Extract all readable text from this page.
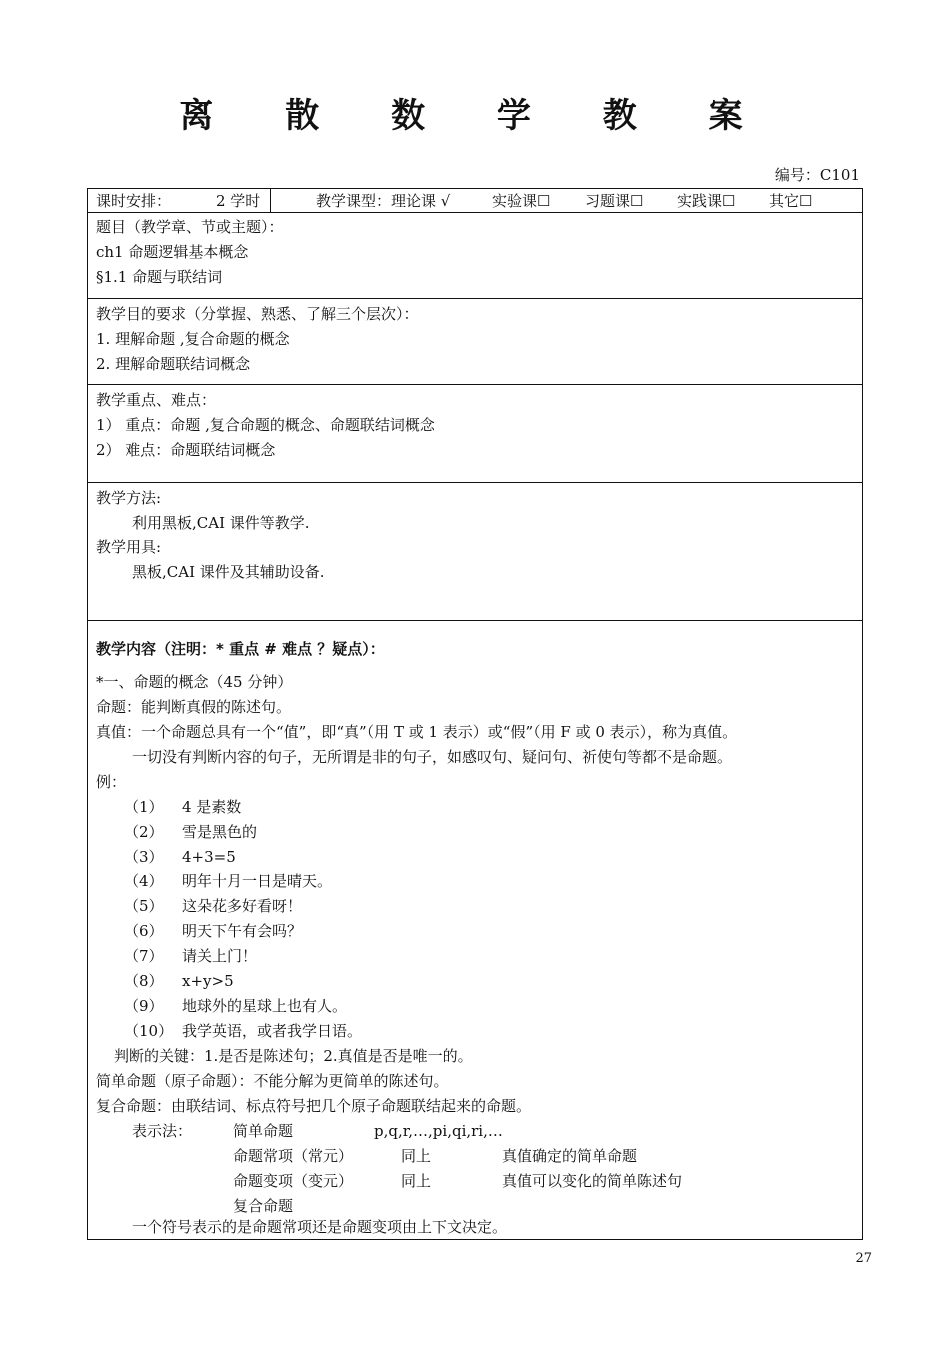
离 散 数 学 教 案
编号：C101
课时安排：	2 学时	教学课型：理论课 √	实验课☐ 习题课☐ 实践课☐ 其它☐
题目（教学章、节或主题）：
ch1 命题逻辑基本概念
§1.1 命题与联结词
教学目的要求（分掌握、熟悉、了解三个层次）：
1. 理解命题 ,复合命题的概念
2. 理解命题联结词概念
教学重点、难点：
1） 重点：命题 ,复合命题的概念、命题联结词概念
2） 难点：命题联结词概念
教学方法:
利用黑板,CAI 课件等教学.
教学用具:
黑板,CAI 课件及其辅助设备.
教学内容（注明：* 重点 # 难点 ？疑点）：
*一、命题的概念（45 分钟）
命题：能判断真假的陈述句。
真值：一个命题总具有一个“值”，即“真”（用 T 或 1 表示）或“假”（用 F 或 0 表示），称为真值。
一切没有判断内容的句子，无所谓是非的句子，如感叹句、疑问句、祈使句等都不是命题。
例：
（1） 4 是素数
（2） 雪是黑色的
（3） 4+3=5
（4） 明年十月一日是晴天。
（5） 这朵花多好看呀！
（6） 明天下午有会吗？
（7） 请关上门！
（8） x+y>5
（9） 地球外的星球上也有人。
（10） 我学英语，或者我学日语。
判断的关键：1.是否是陈述句；2.真值是否是唯一的。
简单命题（原子命题）：不能分解为更简单的陈述句。
复合命题：由联结词、标点符号把几个原子命题联结起来的命题。
表示法：	简单命题	p,q,r,…,pi,qi,ri,…
命题常项（常元）	同上	真值确定的简单命题
命题变项（变元）	同上	真值可以变化的简单陈述句
复合命题
一个符号表示的是命题常项还是命题变项由上下文决定。
27
